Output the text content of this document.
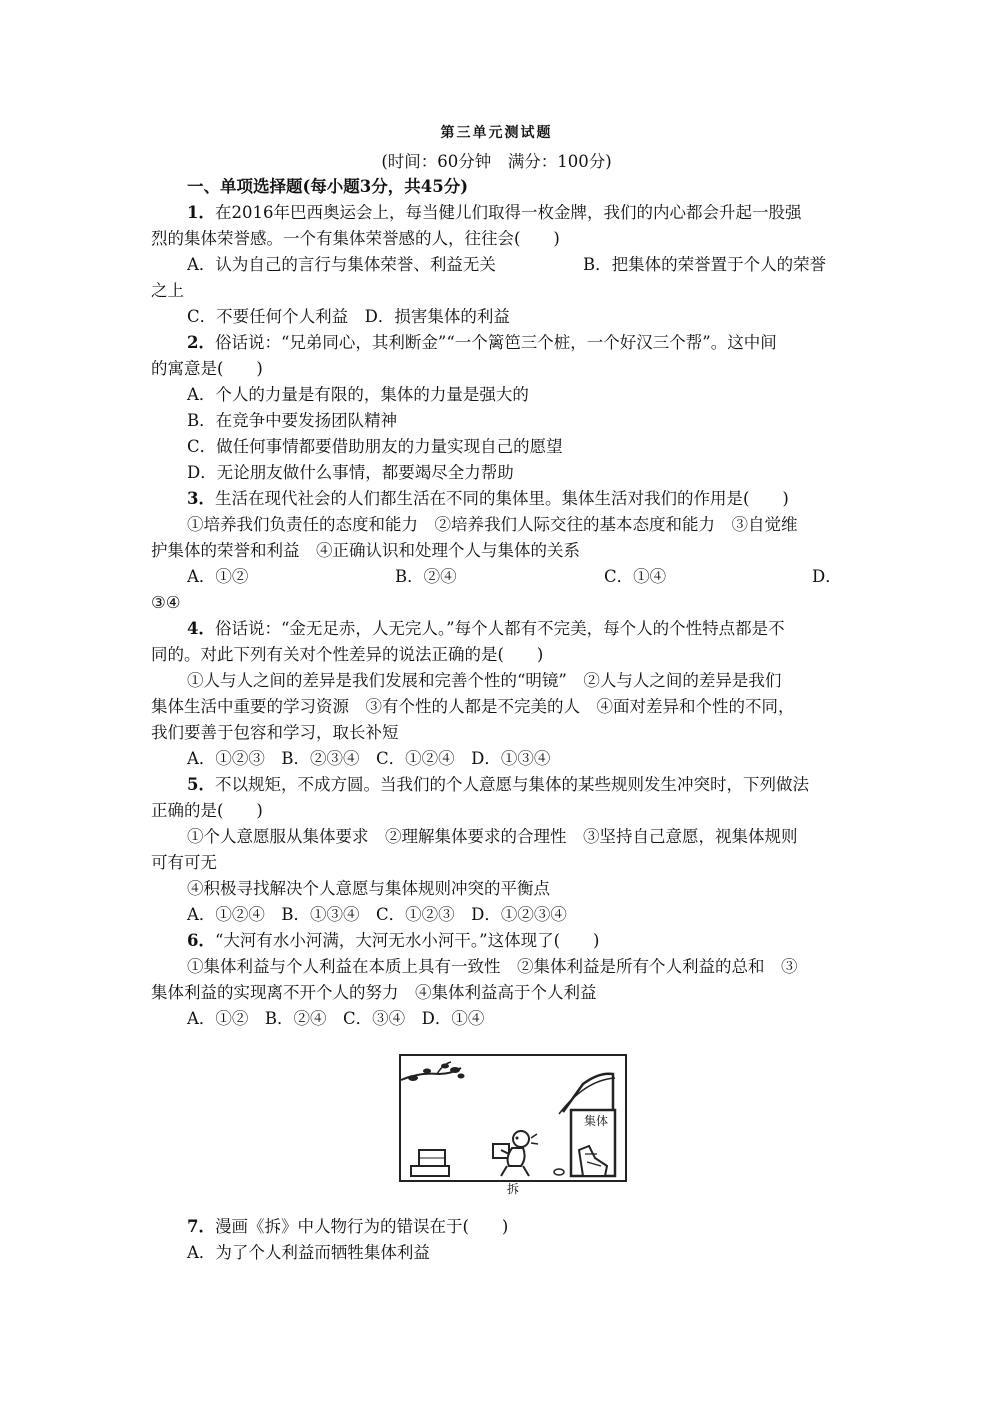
第三单元测试题
(时间：60分钟　满分：100分)
一、单项选择题(每小题3分，共45分)
1．在2016年巴西奥运会上，每当健儿们取得一枚金牌，我们的内心都会升起一股强
烈的集体荣誉感。一个有集体荣誉感的人，往往会(　　)
A．认为自己的言行与集体荣誉、利益无关	B．把集体的荣誉置于个人的荣誉
之上
C．不要任何个人利益　D．损害集体的利益
2．俗话说：“兄弟同心，其利断金”“一个篱笆三个桩，一个好汉三个帮”。这中间
的寓意是(　　)
A．个人的力量是有限的，集体的力量是强大的
B．在竞争中要发扬团队精神
C．做任何事情都要借助朋友的力量实现自己的愿望
D．无论朋友做什么事情，都要竭尽全力帮助
3．生活在现代社会的人们都生活在不同的集体里。集体生活对我们的作用是(　　)
①培养我们负责任的态度和能力　②培养我们人际交往的基本态度和能力　③自觉维
护集体的荣誉和利益　④正确认识和处理个人与集体的关系
A．①②	B．②④	C．①④	D．
③④
4．俗话说：“金无足赤，人无完人。”每个人都有不完美，每个人的个性特点都是不
同的。对此下列有关对个性差异的说法正确的是(　　)
①人与人之间的差异是我们发展和完善个性的“明镜”　②人与人之间的差异是我们
集体生活中重要的学习资源　③有个性的人都是不完美的人　④面对差异和个性的不同，
我们要善于包容和学习，取长补短
A．①②③　B．②③④　C．①②④　D．①③④
5．不以规矩，不成方圆。当我们的个人意愿与集体的某些规则发生冲突时，下列做法
正确的是(　　)
①个人意愿服从集体要求　②理解集体要求的合理性　③坚持自己意愿，视集体规则
可有可无
④积极寻找解决个人意愿与集体规则冲突的平衡点
A．①②④　B．①③④　C．①②③　D．①②③④
6．“大河有水小河满，大河无水小河干。”这体现了(　　)
①集体利益与个人利益在本质上具有一致性　②集体利益是所有个人利益的总和　③
集体利益的实现离不开个人的努力　④集体利益高于个人利益
A．①②　B．②④　C．③④　D．①④
集体
拆
7．漫画《拆》中人物行为的错误在于(　　)
A．为了个人利益而牺牲集体利益
